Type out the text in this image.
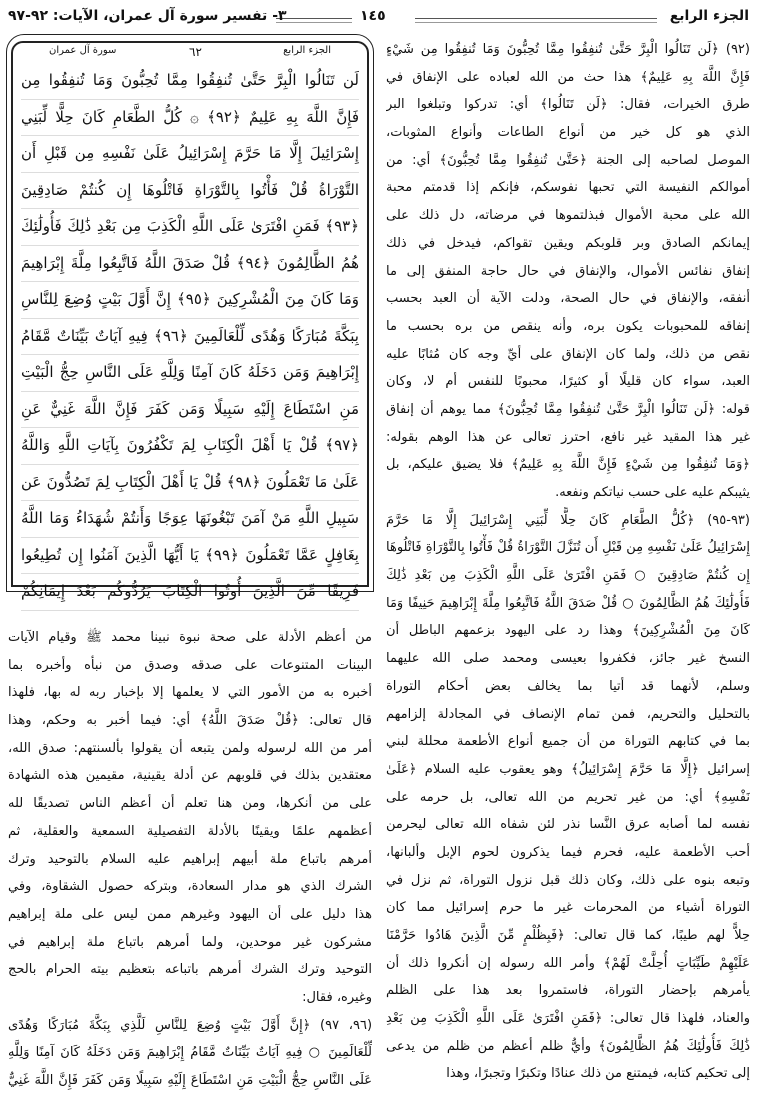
الجزء الرابع
١٤٥
٣- تفسير سورة آل عمران، الآيات: ٩٢-٩٧
الجزء الرابع
٦٢
سورة آل عمران
لَن تَنَالُوا الْبِرَّ حَتَّىٰ تُنفِقُوا مِمَّا تُحِبُّونَ وَمَا تُنفِقُوا مِن
فَإِنَّ اللَّهَ بِهِ عَلِيمٌ ﴿٩٢﴾ ۞ كُلُّ الطَّعَامِ كَانَ حِلًّا لِّبَنِي
إِسْرَائِيلَ إِلَّا مَا حَرَّمَ إِسْرَائِيلُ عَلَىٰ نَفْسِهِ مِن قَبْلِ أَن
التَّوْرَاةُ قُلْ فَأْتُوا بِالتَّوْرَاةِ فَاتْلُوهَا إِن كُنتُمْ صَادِقِينَ
﴿٩٣﴾ فَمَنِ افْتَرَىٰ عَلَى اللَّهِ الْكَذِبَ مِن بَعْدِ ذَٰلِكَ فَأُولَٰئِكَ
هُمُ الظَّالِمُونَ ﴿٩٤﴾ قُلْ صَدَقَ اللَّهُ فَاتَّبِعُوا مِلَّةَ إِبْرَاهِيمَ
وَمَا كَانَ مِنَ الْمُشْرِكِينَ ﴿٩٥﴾ إِنَّ أَوَّلَ بَيْتٍ وُضِعَ لِلنَّاسِ
بِبَكَّةَ مُبَارَكًا وَهُدًى لِّلْعَالَمِينَ ﴿٩٦﴾ فِيهِ آيَاتٌ بَيِّنَاتٌ مَّقَامُ
إِبْرَاهِيمَ وَمَن دَخَلَهُ كَانَ آمِنًا وَلِلَّهِ عَلَى النَّاسِ حِجُّ الْبَيْتِ
مَنِ اسْتَطَاعَ إِلَيْهِ سَبِيلًا وَمَن كَفَرَ فَإِنَّ اللَّهَ غَنِيٌّ عَنِ
﴿٩٧﴾ قُلْ يَا أَهْلَ الْكِتَابِ لِمَ تَكْفُرُونَ بِآيَاتِ اللَّهِ وَاللَّهُ
عَلَىٰ مَا تَعْمَلُونَ ﴿٩٨﴾ قُلْ يَا أَهْلَ الْكِتَابِ لِمَ تَصُدُّونَ عَن
سَبِيلِ اللَّهِ مَنْ آمَنَ تَبْغُونَهَا عِوَجًا وَأَنتُمْ شُهَدَاءُ وَمَا اللَّهُ
بِغَافِلٍ عَمَّا تَعْمَلُونَ ﴿٩٩﴾ يَا أَيُّهَا الَّذِينَ آمَنُوا إِن تُطِيعُوا
فَرِيقًا مِّنَ الَّذِينَ أُوتُوا الْكِتَابَ يَرُدُّوكُم بَعْدَ إِيمَانِكُمْ
(٩٢) ﴿لَن تَنَالُوا الْبِرَّ حَتَّىٰ تُنفِقُوا مِمَّا تُحِبُّونَ وَمَا تُنفِقُوا مِن شَيْءٍ
فَإِنَّ اللَّهَ بِهِ عَلِيمٌ﴾ هذا حث من الله لعباده على الإنفاق في
طرق الخيرات، فقال: ﴿لَن تَنَالُوا﴾ أي: تدركوا وتبلغوا البر
الذي هو كل خير من أنواع الطاعات وأنواع المثوبات،
الموصل لصاحبه إلى الجنة ﴿حَتَّىٰ تُنفِقُوا مِمَّا تُحِبُّونَ﴾ أي: من
أموالكم النفيسة التي تحبها نفوسكم، فإنكم إذا قدمتم محبة
الله على محبة الأموال فبذلتموها في مرضاته، دل ذلك على
إيمانكم الصادق وبر قلوبكم ويقين تقواكم، فيدخل في ذلك
إنفاق نفائس الأموال، والإنفاق في حال حاجة المنفق إلى ما
أنفقه، والإنفاق في حال الصحة، ودلت الآية أن العبد بحسب
إنفاقه للمحبوبات يكون بره، وأنه ينقص من بره بحسب ما
نقص من ذلك، ولما كان الإنفاق على أيِّ وجه كان مُثابًا عليه
العبد، سواء كان قليلًا أو كثيرًا، محبوبًا للنفس أم لا، وكان
قوله: ﴿لَن تَنَالُوا الْبِرَّ حَتَّىٰ تُنفِقُوا مِمَّا تُحِبُّونَ﴾ مما يوهم أن إنفاق
غير هذا المقيد غير نافع، احترز تعالى عن هذا الوهم بقوله:
﴿وَمَا تُنفِقُوا مِن شَيْءٍ فَإِنَّ اللَّهَ بِهِ عَلِيمٌ﴾ فلا يضيق عليكم، بل
يثيبكم عليه على حسب نياتكم ونفعه.
(٩٣-٩٥) ﴿كُلُّ الطَّعَامِ كَانَ حِلًّا لِّبَنِي إِسْرَائِيلَ إِلَّا مَا حَرَّمَ
إِسْرَائِيلُ عَلَىٰ نَفْسِهِ مِن قَبْلِ أَن تُنَزَّلَ التَّوْرَاةُ قُلْ فَأْتُوا بِالتَّوْرَاةِ فَاتْلُوهَا
إِن كُنتُمْ صَادِقِينَ ○ فَمَنِ افْتَرَىٰ عَلَى اللَّهِ الْكَذِبَ مِن بَعْدِ ذَٰلِكَ
فَأُولَٰئِكَ هُمُ الظَّالِمُونَ ○ قُلْ صَدَقَ اللَّهُ فَاتَّبِعُوا مِلَّةَ إِبْرَاهِيمَ حَنِيفًا وَمَا
كَانَ مِنَ الْمُشْرِكِينَ﴾ وهذا رد على اليهود بزعمهم الباطل أن
النسخ غير جائز، فكفروا بعيسى ومحمد صلى الله عليهما
وسلم، لأنهما قد أتيا بما يخالف بعض أحكام التوراة
بالتحليل والتحريم، فمن تمام الإنصاف في المجادلة إلزامهم
بما في كتابهم التوراة من أن جميع أنواع الأطعمة محللة لبني
إسرائيل ﴿إِلَّا مَا حَرَّمَ إِسْرَائِيلُ﴾ وهو يعقوب عليه السلام ﴿عَلَىٰ
نَفْسِهِ﴾ أي: من غير تحريم من الله تعالى، بل حرمه على
نفسه لما أصابه عرق النَّسا نذر لئن شفاه الله تعالى ليحرمن
أحب الأطعمة عليه، فحرم فيما يذكرون لحوم الإبل وألبانها،
وتبعه بنوه على ذلك، وكان ذلك قبل نزول التوراة، ثم نزل في
التوراة أشياء من المحرمات غير ما حرم إسرائيل مما كان
حِلاًّ لهم طيبًا، كما قال تعالى: ﴿فَبِظُلْمٍ مِّنَ الَّذِينَ هَادُوا حَرَّمْنَا
عَلَيْهِمْ طَيِّبَاتٍ أُحِلَّتْ لَهُمْ﴾ وأمر الله رسوله إن أنكروا ذلك أن
يأمرهم بإحضار التوراة، فاستمروا بعد هذا على الظلم
والعناد، فلهذا قال تعالى: ﴿فَمَنِ افْتَرَىٰ عَلَى اللَّهِ الْكَذِبَ مِن بَعْدِ
ذَٰلِكَ فَأُولَٰئِكَ هُمُ الظَّالِمُونَ﴾ وأيُّ ظلم أعظم من ظلم من يدعى
إلى تحكيم كتابه، فيمتنع من ذلك عنادًا وتكبرًا وتجبرًا، وهذا
من أعظم الأدلة على صحة نبوة نبينا محمد ﷺ وقيام الآيات
البينات المتنوعات على صدقه وصدق من نبأه وأخبره بما
أخبره به من الأمور التي لا يعلمها إلا بإخبار ربه له بها، فلهذا
قال تعالى: ﴿قُلْ صَدَقَ اللَّهُ﴾ أي: فيما أخبر به وحكم، وهذا
أمر من الله لرسوله ولمن يتبعه أن يقولوا بألسنتهم: صدق الله،
معتقدين بذلك في قلوبهم عن أدلة يقينية، مقيمين هذه الشهادة
على من أنكرها، ومن هنا تعلم أن أعظم الناس تصديقًا لله
أعظمهم علمًا ويقينًا بالأدلة التفصيلية السمعية والعقلية، ثم
أمرهم باتباع ملة أبيهم إبراهيم عليه السلام بالتوحيد وترك
الشرك الذي هو مدار السعادة، وبتركه حصول الشقاوة، وفي
هذا دليل على أن اليهود وغيرهم ممن ليس على ملة إبراهيم
مشركون غير موحدين، ولما أمرهم باتباع ملة إبراهيم في
التوحيد وترك الشرك أمرهم باتباعه بتعظيم بيته الحرام بالحج
وغيره، فقال:
(٩٦، ٩٧) ﴿إِنَّ أَوَّلَ بَيْتٍ وُضِعَ لِلنَّاسِ لَلَّذِي بِبَكَّةَ مُبَارَكًا وَهُدًى
لِّلْعَالَمِينَ ○ فِيهِ آيَاتٌ بَيِّنَاتٌ مَّقَامُ إِبْرَاهِيمَ وَمَن دَخَلَهُ كَانَ آمِنًا وَلِلَّهِ
عَلَى النَّاسِ حِجُّ الْبَيْتِ مَنِ اسْتَطَاعَ إِلَيْهِ سَبِيلًا وَمَن كَفَرَ فَإِنَّ اللَّهَ غَنِيٌّ
